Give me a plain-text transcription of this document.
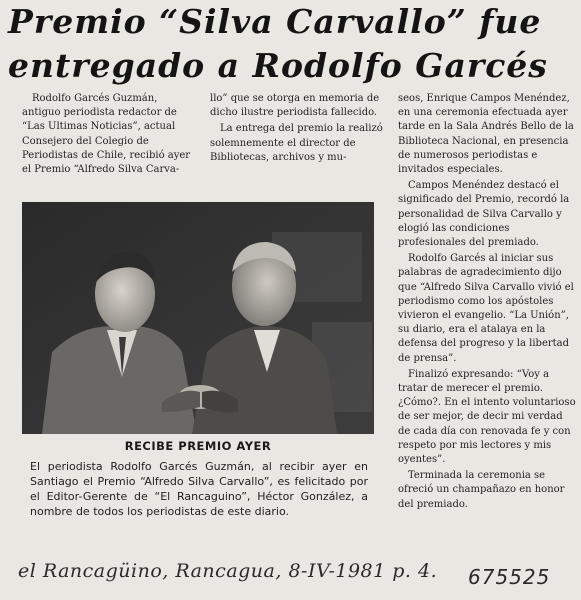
Premio “Silva Carvallo” fue
entregado a Rodolfo Garcés

Rodolfo Garcés Guzmán, antiguo periodista redactor de “Las Ultimas Noticias”, actual Consejero del Colegio de Periodistas de Chile, recibió ayer el Premio “Alfredo Silva Carva-

llo” que se otorga en memoria de dicho ilustre periodista fallecido.

La entrega del premio la realizó solemnemente el director de Bibliotecas, archivos y mu-

seos, Enrique Campos Menéndez, en una ceremonia efectuada ayer tarde en la Sala Andrés Bello de la Biblioteca Nacional, en presencia de numerosos periodistas e invitados especiales.

Campos Menéndez destacó el significado del Premio, recordó la personalidad de Silva Carvallo y elogió las condiciones profesionales del premiado.

Rodolfo Garcés al iniciar sus palabras de agradecimiento dijo que “Alfredo Silva Carvallo vivió el periodismo como los apóstoles vivieron el evangelio. “La Unión”, su diario, era el atalaya en la defensa del progreso y la libertad de prensa”.

Finalizó expresando: “Voy a tratar de merecer el premio. ¿Cómo?. En el intento voluntarioso de ser mejor, de decir mi verdad de cada día con renovada fe y con respeto por mis lectores y mis oyentes”.

Terminada la ceremonia se ofreció un champañazo en honor del premiado.

RECIBE PREMIO AYER
El periodista Rodolfo Garcés Guzmán, al recibir ayer en Santiago el Premio “Alfredo Silva Carvallo”, es felicitado por el Editor-Gerente de “El Rancaguino”, Héctor González, a nombre de todos los periodistas de este diario.
el Rancagüino, Rancagua, 8-IV-1981 p. 4.	675525
